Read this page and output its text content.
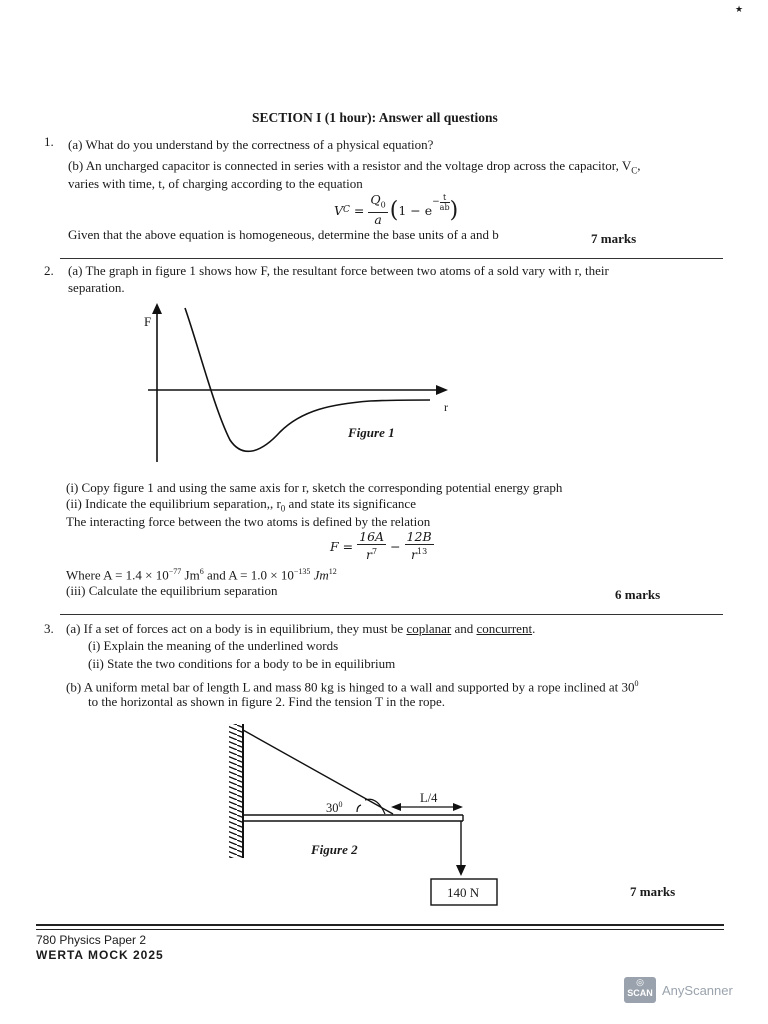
★
SECTION I (1 hour): Answer all questions
1. (a) What do you understand by the correctness of a physical equation?
(b) An uncharged capacitor is connected in series with a resistor and the voltage drop across the capacitor, $V_C$,
varies with time, t, of charging according to the equation
V $C = \frac{Q_0}{a}$ ( 1 − e
− $\frac{t}{ab}$ )
Given that the above equation is homogeneous, determine the base units of a and b	7 marks
2. (a) The graph in figure 1 shows how F, the resultant force between two atoms of a sold vary with r, their
separation.
F
r
Figure 1
(i) Copy figure 1 and using the same axis for r, sketch the corresponding potential energy graph
(ii) Indicate the equilibrium separation,, $r_0$ and state its significance
The interacting force between the two atoms is defined by the relation
$F = \frac{16A}{r^7} - \frac{12B}{r^{13}}$
Where $A = 1.4 \times 10^{-77}$ Jm$^6$ and $A = 1.0 \times 10^{-135}$ Jm$^{12}$
(iii) Calculate the equilibrium separation	6 marks
3. (a) If a set of forces act on a body is in equilibrium, they must be coplanar and concurrent.
(i) Explain the meaning of the underlined words
(ii) State the two conditions for a body to be in equilibrium
(b) A uniform metal bar of length L and mass 80 kg is hinged to a wall and supported by a rope inclined at $30^0$
to the horizontal as shown in figure 2. Find the tension T in the rope.
$30^0$	L/4
Figure 2
140 N	7 marks
780 Physics Paper 2
WERTA MOCK 2025
◎
SCAN AnyScanner
